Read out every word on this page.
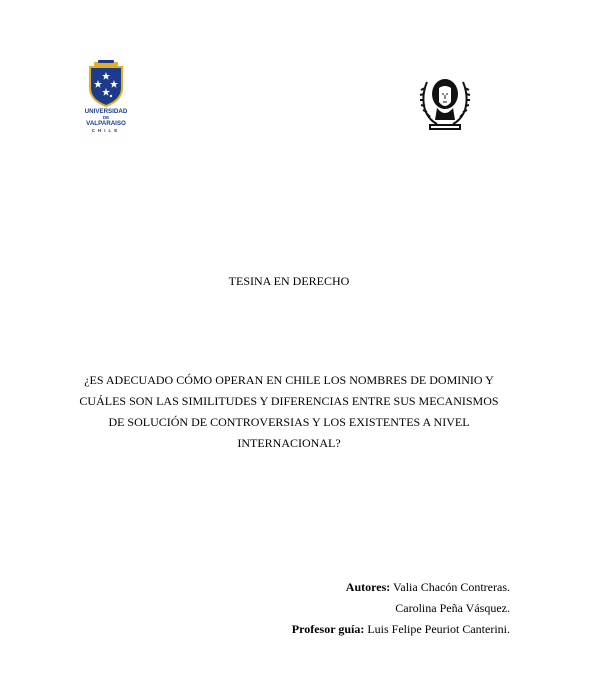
UNIVERSIDAD
DE
VALPARAISO
CHILE
TESINA EN DERECHO
¿ES ADECUADO CÓMO OPERAN EN CHILE LOS NOMBRES DE DOMINIO Y CUÁLES SON LAS SIMILITUDES Y DIFERENCIAS ENTRE SUS MECANISMOS DE SOLUCIÓN DE CONTROVERSIAS Y LOS EXISTENTES A NIVEL INTERNACIONAL?
Autores: Valia Chacón Contreras.
Carolina Peña Vásquez.
Profesor guía: Luis Felipe Peuriot Canterini.
